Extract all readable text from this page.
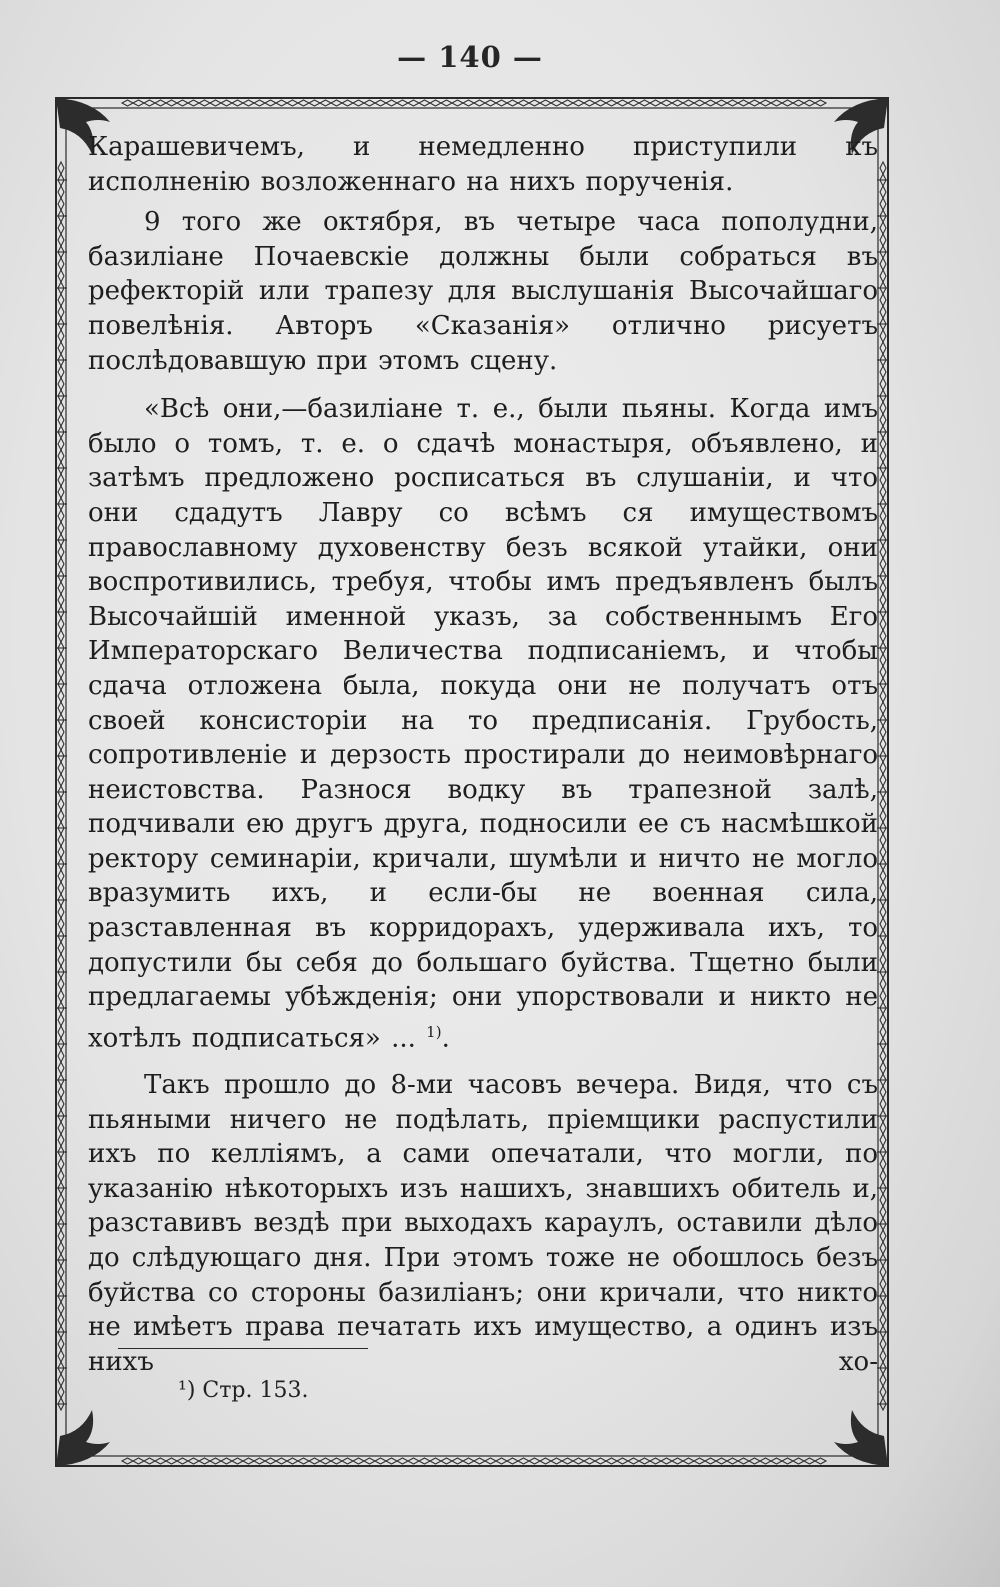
— 140 —

Карашевичемъ, и немедленно приступили къ исполненію возложеннаго на нихъ порученія.

9 того же октября, въ четыре часа пополудни, базиліане Почаевскіе должны были собраться въ рефекторій или трапезу для выслушанія Высочайшаго повелѣнія. Авторъ «Сказанія» отлично рисуетъ послѣдовавшую при этомъ сцену.

«Всѣ они,—базиліане т. е., были пьяны. Когда имъ было о томъ, т. е. о сдачѣ монастыря, объявлено, и затѣмъ предложено росписаться въ слушаніи, и что они сдадутъ Лавру со всѣмъ ся имуществомъ православному духовенству безъ всякой утайки, они воспротивились, требуя, чтобы имъ предъявленъ былъ Высочайшій именной указъ, за собственнымъ Его Императорскаго Величества подписаніемъ, и чтобы сдача отложена была, покуда они не получатъ отъ своей консисторіи на то предписанія. Грубость, сопротивленіе и дерзость простирали до неимовѣрнаго неистовства. Разнося водку въ трапезной залѣ, подчивали ею другъ друга, подносили ее съ насмѣшкой ректору семинаріи, кричали, шумѣли и ничто не могло вразумить ихъ, и если-бы не военная сила, разставленная въ корридорахъ, удерживала ихъ, то допустили бы себя до большаго буйства. Тщетно были предлагаемы убѣжденія; они упорствовали и никто не хотѣлъ подписаться» ... $^{1)}$.

Такъ прошло до 8-ми часовъ вечера. Видя, что съ пьяными ничего не подѣлать, пріемщики распустили ихъ по келліямъ, а сами опечатали, что могли, по указанію нѣкоторыхъ изъ нашихъ, знавшихъ обитель и, разставивъ вездѣ при выходахъ караулъ, оставили дѣло до слѣдующаго дня. При этомъ тоже не обошлось безъ буйства со стороны базиліанъ; они кричали, что никто не имѣетъ права печатать ихъ имущество, а одинъ изъ нихъ хо-

¹) Стр. 153.
